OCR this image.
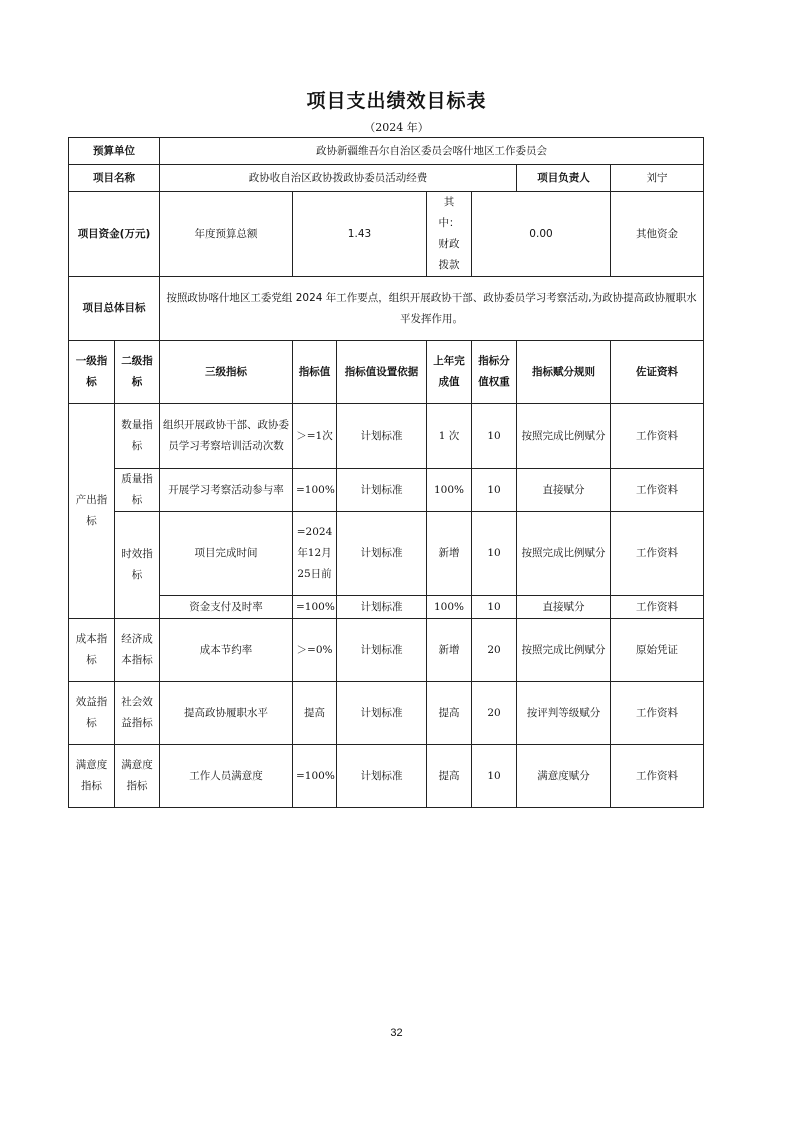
项目支出绩效目标表
（2024 年）
预算单位		政协新疆维吾尔自治区委员会喀什地区工作委员会						
项目名称		政协收自治区政协拨政协委员活动经费					项目负责人	刘宁
项目资金(万元)		年度预算总额	1.43		其中：财政拨款	0.00		其他资金
项目总体目标		按照政协喀什地区工委党组 2024 年工作要点，组织开展政协干部、政协委员学习考察活动,为政协提高政协履职水平发挥作用。						
一级指标	二级指标	三级指标	指标值	指标值设置依据	上年完成值	指标分值权重	指标赋分规则	佐证资料
产出指标	数量指标	组织开展政协干部、政协委员学习考察培训活动次数	＞=1次	计划标准	1 次	10	按照完成比例赋分	工作资料
	质量指标	开展学习考察活动参与率	=100%	计划标准	100%	10	直接赋分	工作资料
	时效指标	项目完成时间	=2024年12月25日前	计划标准	新增	10	按照完成比例赋分	工作资料
		资金支付及时率	=100%	计划标准	100%	10	直接赋分	工作资料
成本指标	经济成本指标	成本节约率	＞=0%	计划标准	新增	20	按照完成比例赋分	原始凭证
效益指标	社会效益指标	提高政协履职水平	提高	计划标准	提高	20	按评判等级赋分	工作资料
满意度指标	满意度指标	工作人员满意度	=100%	计划标准	提高	10	满意度赋分	工作资料
32
